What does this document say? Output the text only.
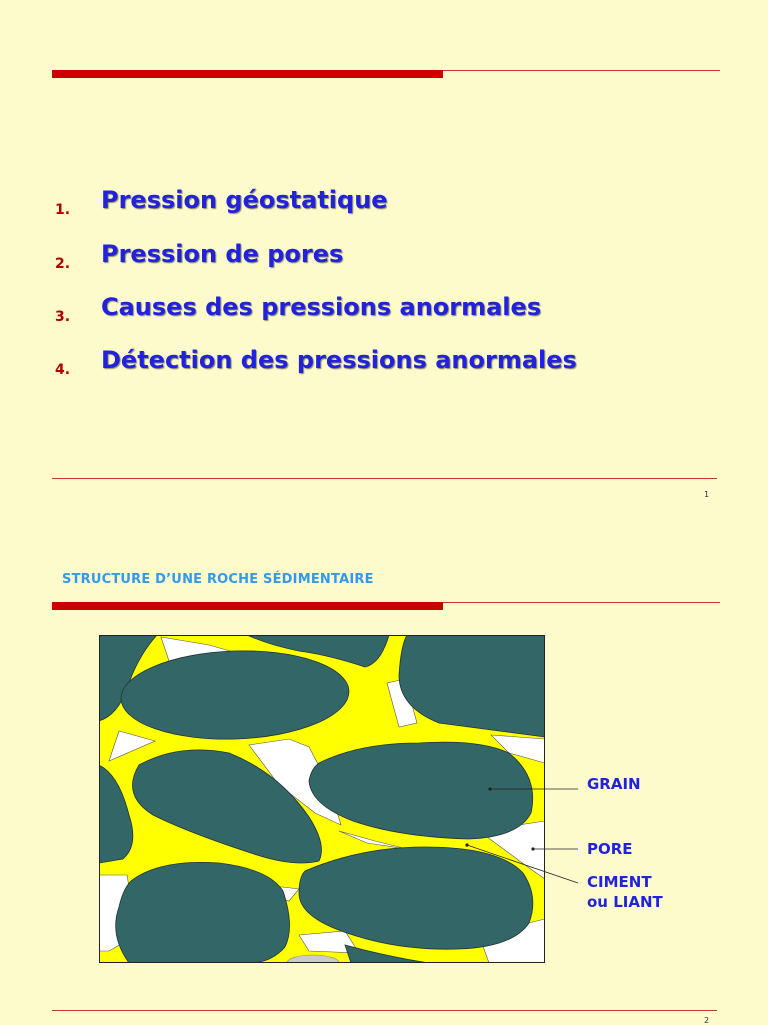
1. Pression géostatique
2. Pression de pores
3. Causes des pressions anormales
4. Détection des pressions anormales
1
STRUCTURE D’UNE ROCHE SÉDIMENTAIRE
GRAIN
PORE
CIMENT
ou LIANT
2
